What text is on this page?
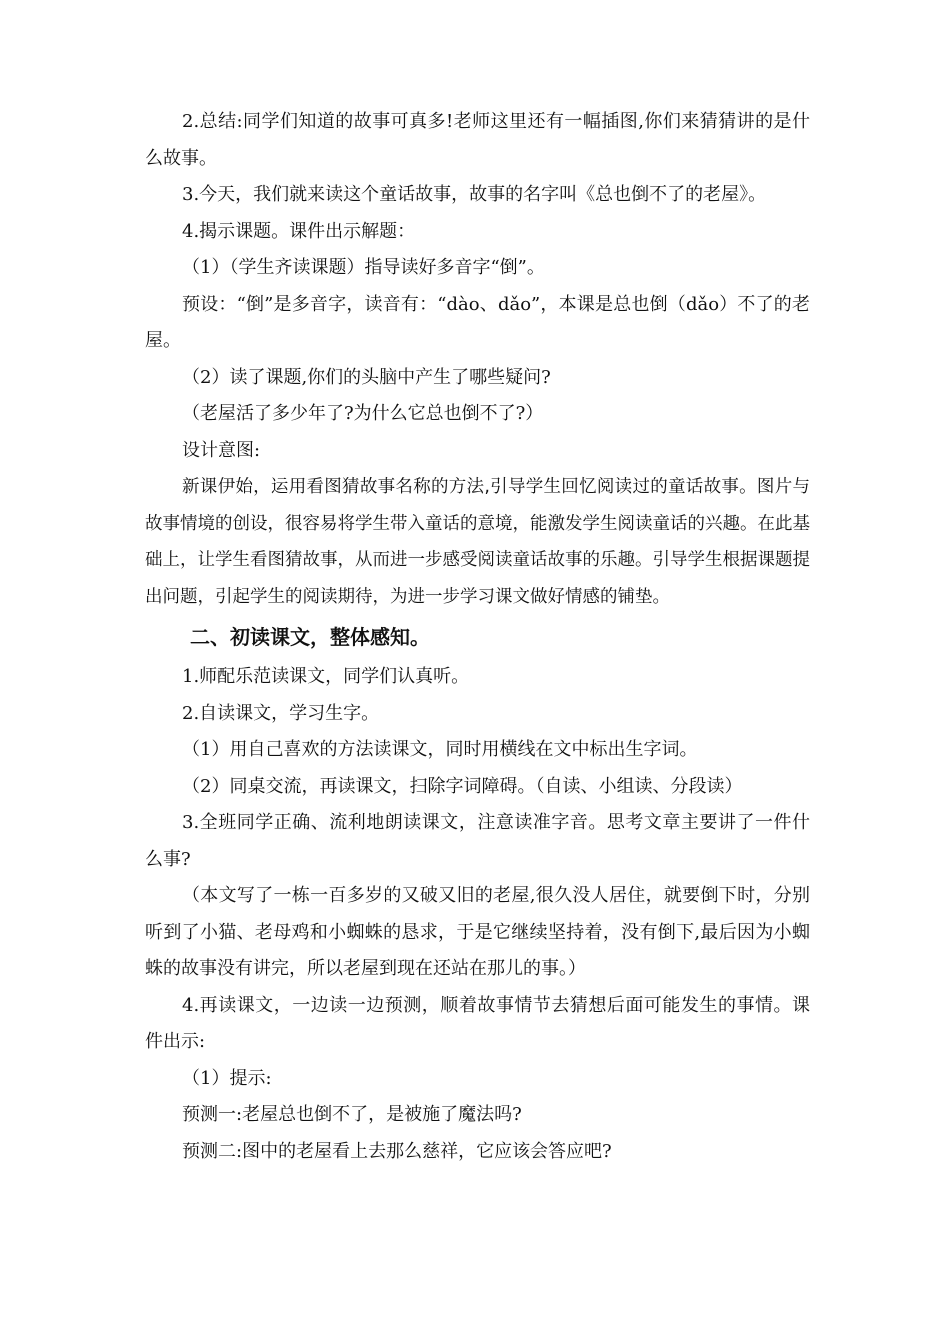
2.总结:同学们知道的故事可真多!老师这里还有一幅插图,你们来猜猜讲的是什么故事。

3.今天，我们就来读这个童话故事，故事的名字叫《总也倒不了的老屋》。

4.揭示课题。课件出示解题：

（1）（学生齐读课题）指导读好多音字“倒”。

预设：“倒”是多音字，读音有：“dào、dǎo”，本课是总也倒（dǎo）不了的老屋。

（2）读了课题,你们的头脑中产生了哪些疑问?

（老屋活了多少年了?为什么它总也倒不了?）

设计意图:

新课伊始，运用看图猜故事名称的方法,引导学生回忆阅读过的童话故事。图片与故事情境的创设，很容易将学生带入童话的意境，能激发学生阅读童话的兴趣。在此基础上，让学生看图猜故事，从而进一步感受阅读童话故事的乐趣。引导学生根据课题提出问题，引起学生的阅读期待，为进一步学习课文做好情感的铺垫。

二、初读课文，整体感知。

1.师配乐范读课文，同学们认真听。

2.自读课文，学习生字。

（1）用自己喜欢的方法读课文，同时用横线在文中标出生字词。

（2）同桌交流，再读课文，扫除字词障碍。（自读、小组读、分段读）

3.全班同学正确、流利地朗读课文，注意读准字音。思考文章主要讲了一件什么事?

（本文写了一栋一百多岁的又破又旧的老屋,很久没人居住，就要倒下时，分别听到了小猫、老母鸡和小蜘蛛的恳求，于是它继续坚持着，没有倒下,最后因为小蜘蛛的故事没有讲完，所以老屋到现在还站在那儿的事。）

4.再读课文，一边读一边预测，顺着故事情节去猜想后面可能发生的事情。课件出示:

（1）提示:

预测一:老屋总也倒不了，是被施了魔法吗?

预测二:图中的老屋看上去那么慈祥，它应该会答应吧?
